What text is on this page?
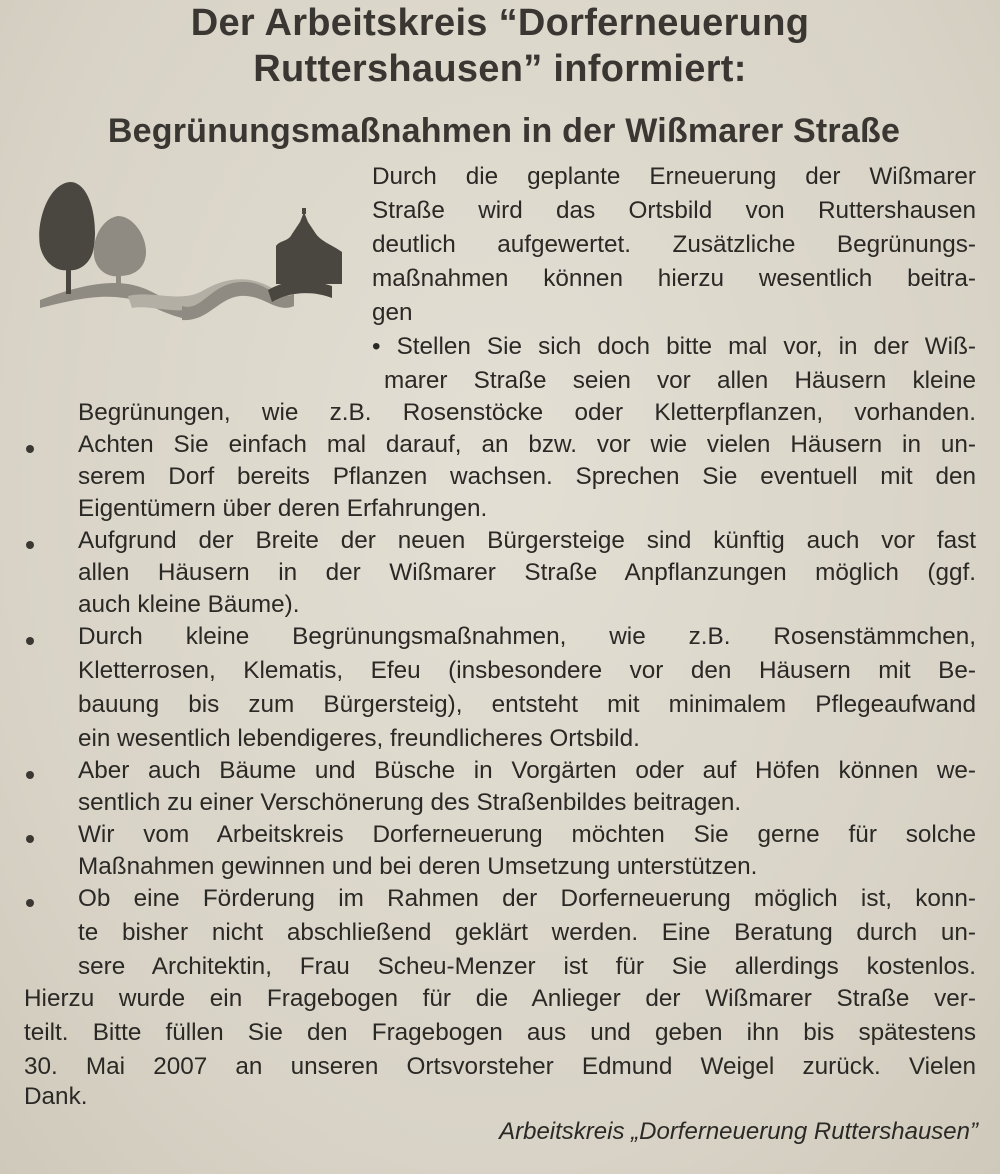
Der Arbeitskreis “Dorferneuerung
Ruttershausen” informiert:
Begrünungsmaßnahmen in der Wißmarer Straße
Durch die geplante Erneuerung der Wißmarer
Straße wird das Ortsbild von Ruttershausen
deutlich aufgewertet. Zusätzliche Begrünungs-
maßnahmen können hierzu wesentlich beitra-
gen
• Stellen Sie sich doch bitte mal vor, in der Wiß-
marer Straße seien vor allen Häusern kleine
Begrünungen, wie z.B. Rosenstöcke oder Kletterpflanzen, vorhanden.
Achten Sie einfach mal darauf, an bzw. vor wie vielen Häusern in un-
serem Dorf bereits Pflanzen wachsen. Sprechen Sie eventuell mit den
Eigentümern über deren Erfahrungen.
Aufgrund der Breite der neuen Bürgersteige sind künftig auch vor fast
allen Häusern in der Wißmarer Straße Anpflanzungen möglich (ggf.
auch kleine Bäume).
Durch kleine Begrünungsmaßnahmen, wie z.B. Rosenstämmchen,
Kletterrosen, Klematis, Efeu (insbesondere vor den Häusern mit Be-
bauung bis zum Bürgersteig), entsteht mit minimalem Pflegeaufwand
ein wesentlich lebendigeres, freundlicheres Ortsbild.
Aber auch Bäume und Büsche in Vorgärten oder auf Höfen können we-
sentlich zu einer Verschönerung des Straßenbildes beitragen.
Wir vom Arbeitskreis Dorferneuerung möchten Sie gerne für solche
Maßnahmen gewinnen und bei deren Umsetzung unterstützen.
Ob eine Förderung im Rahmen der Dorferneuerung möglich ist, konn-
te bisher nicht abschließend geklärt werden. Eine Beratung durch un-
sere Architektin, Frau Scheu-Menzer ist für Sie allerdings kostenlos.
Hierzu wurde ein Fragebogen für die Anlieger der Wißmarer Straße ver-
teilt. Bitte füllen Sie den Fragebogen aus und geben ihn bis spätestens
30. Mai 2007 an unseren Ortsvorsteher Edmund Weigel zurück. Vielen
Dank.
Arbeitskreis „Dorferneuerung Ruttershausen”
